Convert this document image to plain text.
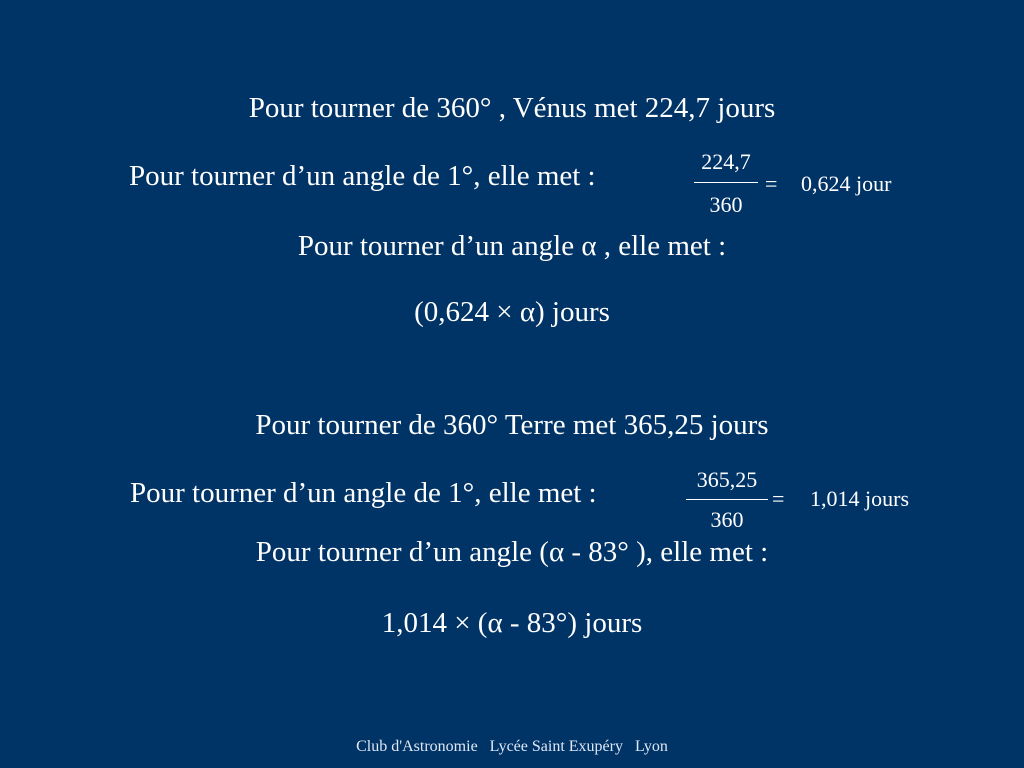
Pour tourner de 360° , Vénus met 224,7 jours
Pour tourner d’un angle de 1°, elle met :	224,7
360
= 0,624 jour
Pour tourner d’un angle α , elle met :
(0,624 × α) jours
Pour tourner de 360° Terre met 365,25 jours
Pour tourner d’un angle de 1°, elle met :	365,25
360
= 1,014 jours
Pour tourner d’un angle (α - 83° ), elle met :
1,014 × (α - 83°) jours
Club d'Astronomie Lycée Saint Exupéry Lyon
